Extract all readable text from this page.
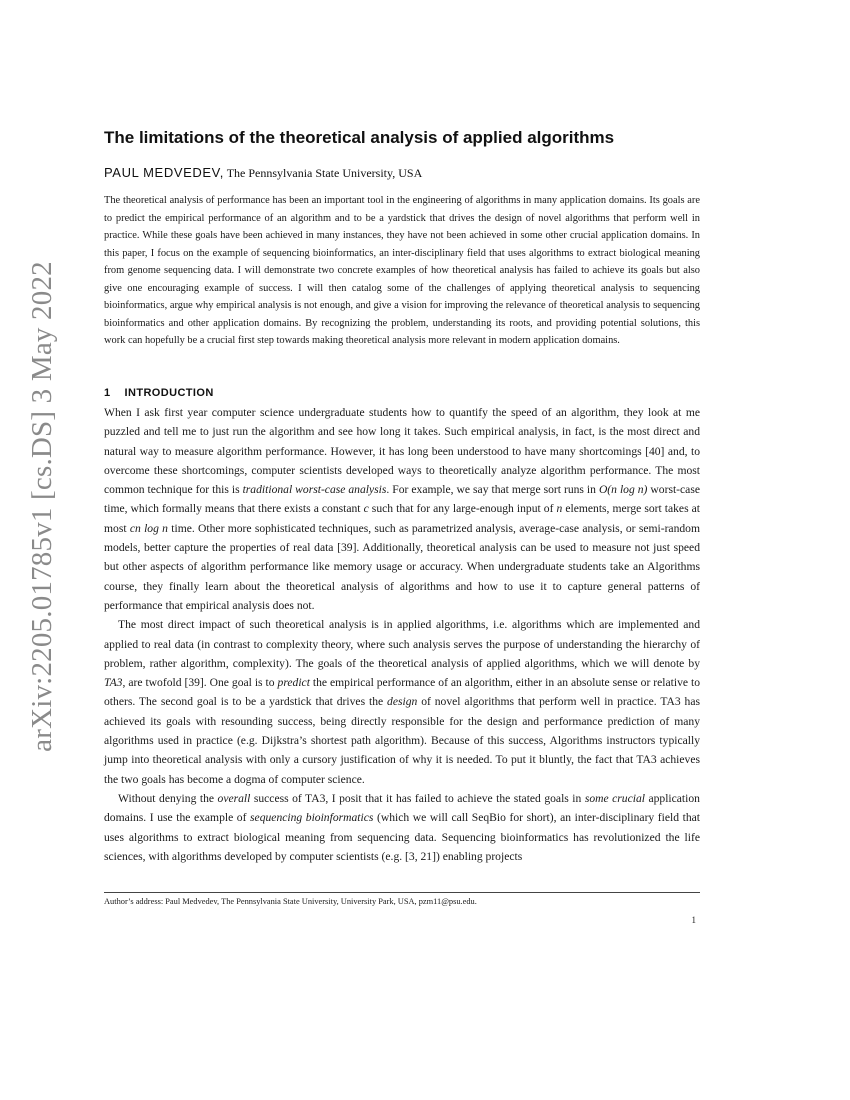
arXiv:2205.01785v1 [cs.DS] 3 May 2022
The limitations of the theoretical analysis of applied algorithms
PAUL MEDVEDEV, The Pennsylvania State University, USA

The theoretical analysis of performance has been an important tool in the engineering of algorithms in many application domains. Its goals are to predict the empirical performance of an algorithm and to be a yardstick that drives the design of novel algorithms that perform well in practice. While these goals have been achieved in many instances, they have not been achieved in some other crucial application domains. In this paper, I focus on the example of sequencing bioinformatics, an inter-disciplinary field that uses algorithms to extract biological meaning from genome sequencing data. I will demonstrate two concrete examples of how theoretical analysis has failed to achieve its goals but also give one encouraging example of success. I will then catalog some of the challenges of applying theoretical analysis to sequencing bioinformatics, argue why empirical analysis is not enough, and give a vision for improving the relevance of theoretical analysis to sequencing bioinformatics and other application domains. By recognizing the problem, understanding its roots, and providing potential solutions, this work can hopefully be a crucial first step towards making theoretical analysis more relevant in modern application domains.

1 INTRODUCTION

When I ask first year computer science undergraduate students how to quantify the speed of an algorithm, they look at me puzzled and tell me to just run the algorithm and see how long it takes. Such empirical analysis, in fact, is the most direct and natural way to measure algorithm performance. However, it has long been understood to have many shortcomings [40] and, to overcome these shortcomings, computer scientists developed ways to theoretically analyze algorithm performance. The most common technique for this is traditional worst-case analysis. For example, we say that merge sort runs in O(n log n) worst-case time, which formally means that there exists a constant c such that for any large-enough input of n elements, merge sort takes at most cn log n time. Other more sophisticated techniques, such as parametrized analysis, average-case analysis, or semi-random models, better capture the properties of real data [39]. Additionally, theoretical analysis can be used to measure not just speed but other aspects of algorithm performance like memory usage or accuracy. When undergraduate students take an Algorithms course, they finally learn about the theoretical analysis of algorithms and how to use it to capture general patterns of performance that empirical analysis does not.

The most direct impact of such theoretical analysis is in applied algorithms, i.e. algorithms which are implemented and applied to real data (in contrast to complexity theory, where such analysis serves the purpose of understanding the hierarchy of problem, rather algorithm, complexity). The goals of the theoretical analysis of applied algorithms, which we will denote by TA3, are twofold [39]. One goal is to predict the empirical performance of an algorithm, either in an absolute sense or relative to others. The second goal is to be a yardstick that drives the design of novel algorithms that perform well in practice. TA3 has achieved its goals with resounding success, being directly responsible for the design and performance prediction of many algorithms used in practice (e.g. Dijkstra’s shortest path algorithm). Because of this success, Algorithms instructors typically jump into theoretical analysis with only a cursory justification of why it is needed. To put it bluntly, the fact that TA3 achieves the two goals has become a dogma of computer science.

Without denying the overall success of TA3, I posit that it has failed to achieve the stated goals in some crucial application domains. I use the example of sequencing bioinformatics (which we will call SeqBio for short), an inter-disciplinary field that uses algorithms to extract biological meaning from sequencing data. Sequencing bioinformatics has revolutionized the life sciences, with algorithms developed by computer scientists (e.g. [3, 21]) enabling projects

Author’s address: Paul Medvedev, The Pennsylvania State University, University Park, USA, pzm11@psu.edu.
1
